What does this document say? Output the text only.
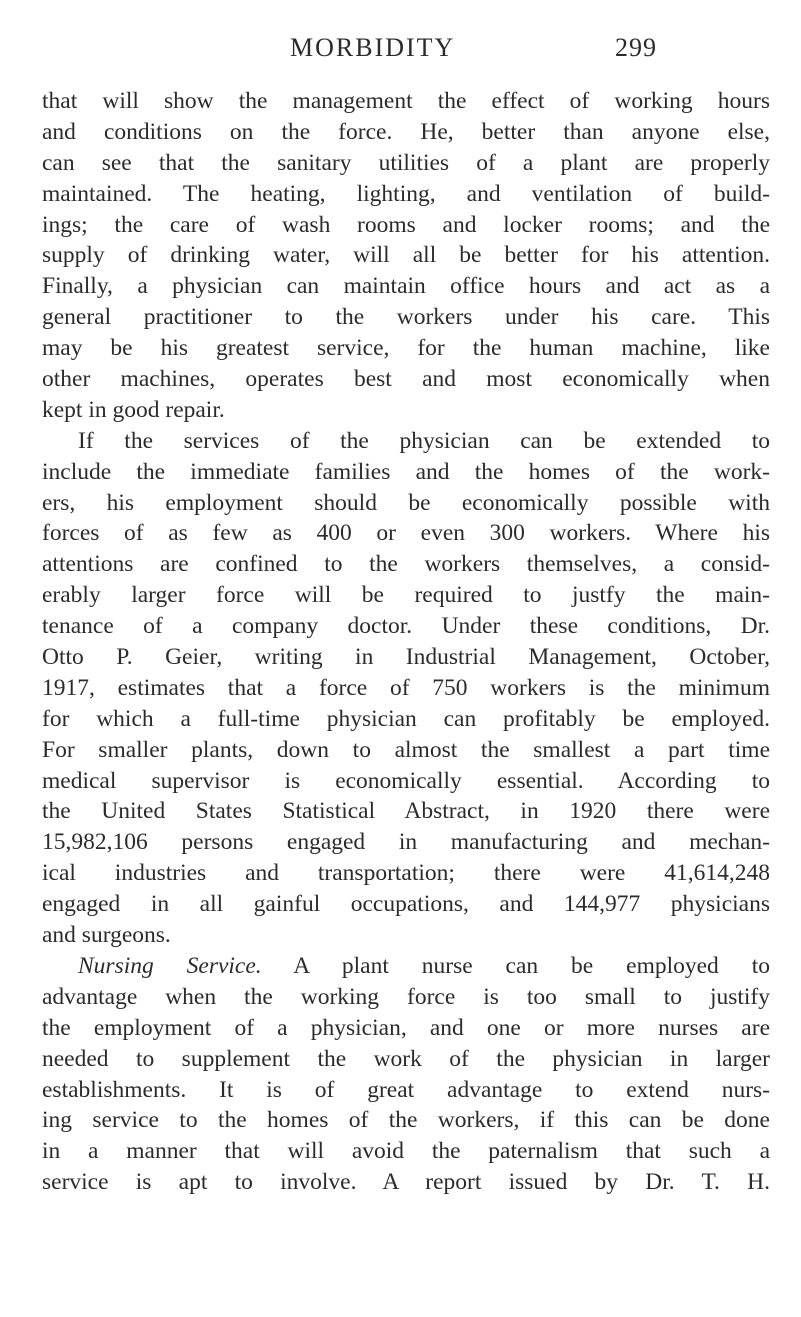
MORBIDITY	299
that will show the management the effect of working hours
and conditions on the force. He, better than anyone else,
can see that the sanitary utilities of a plant are properly
maintained. The heating, lighting, and ventilation of build-
ings; the care of wash rooms and locker rooms; and the
supply of drinking water, will all be better for his attention.
Finally, a physician can maintain office hours and act as a
general practitioner to the workers under his care. This
may be his greatest service, for the human machine, like
other machines, operates best and most economically when
kept in good repair.
If the services of the physician can be extended to
include the immediate families and the homes of the work-
ers, his employment should be economically possible with
forces of as few as 400 or even 300 workers. Where his
attentions are confined to the workers themselves, a consid-
erably larger force will be required to justfy the main-
tenance of a company doctor. Under these conditions, Dr.
Otto P. Geier, writing in Industrial Management, October,
1917, estimates that a force of 750 workers is the minimum
for which a full-time physician can profitably be employed.
For smaller plants, down to almost the smallest a part time
medical supervisor is economically essential. According to
the United States Statistical Abstract, in 1920 there were
15,982,106 persons engaged in manufacturing and mechan-
ical industries and transportation; there were 41,614,248
engaged in all gainful occupations, and 144,977 physicians
and surgeons.
Nursing Service. A plant nurse can be employed to
advantage when the working force is too small to justify
the employment of a physician, and one or more nurses are
needed to supplement the work of the physician in larger
establishments. It is of great advantage to extend nurs-
ing service to the homes of the workers, if this can be done
in a manner that will avoid the paternalism that such a
service is apt to involve. A report issued by Dr. T. H.
